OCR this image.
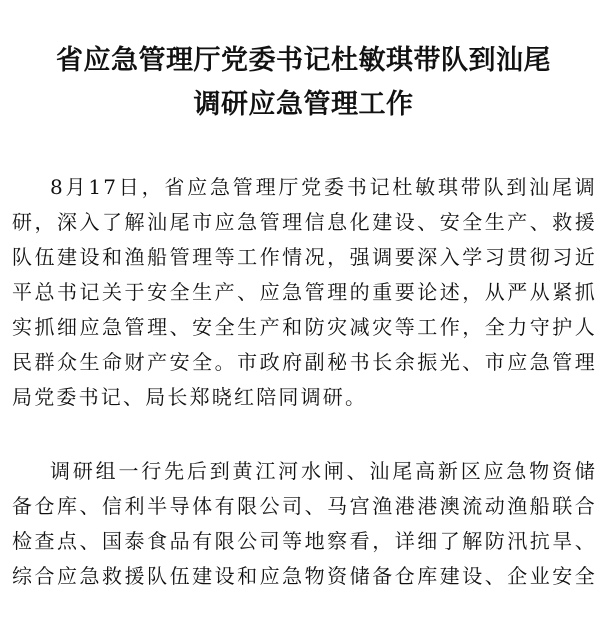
省应急管理厅党委书记杜敏琪带队到汕尾
调研应急管理工作
8月17日，省应急管理厅党委书记杜敏琪带队到汕尾调
研，深入了解汕尾市应急管理信息化建设、安全生产、救援
队伍建设和渔船管理等工作情况，强调要深入学习贯彻习近
平总书记关于安全生产、应急管理的重要论述，从严从紧抓
实抓细应急管理、安全生产和防灾减灾等工作，全力守护人
民群众生命财产安全。市政府副秘书长余振光、市应急管理
局党委书记、局长郑晓红陪同调研。
调研组一行先后到黄江河水闸、汕尾高新区应急物资储
备仓库、信利半导体有限公司、马宫渔港港澳流动渔船联合
检查点、国泰食品有限公司等地察看，详细了解防汛抗旱、
综合应急救援队伍建设和应急物资储备仓库建设、企业安全
